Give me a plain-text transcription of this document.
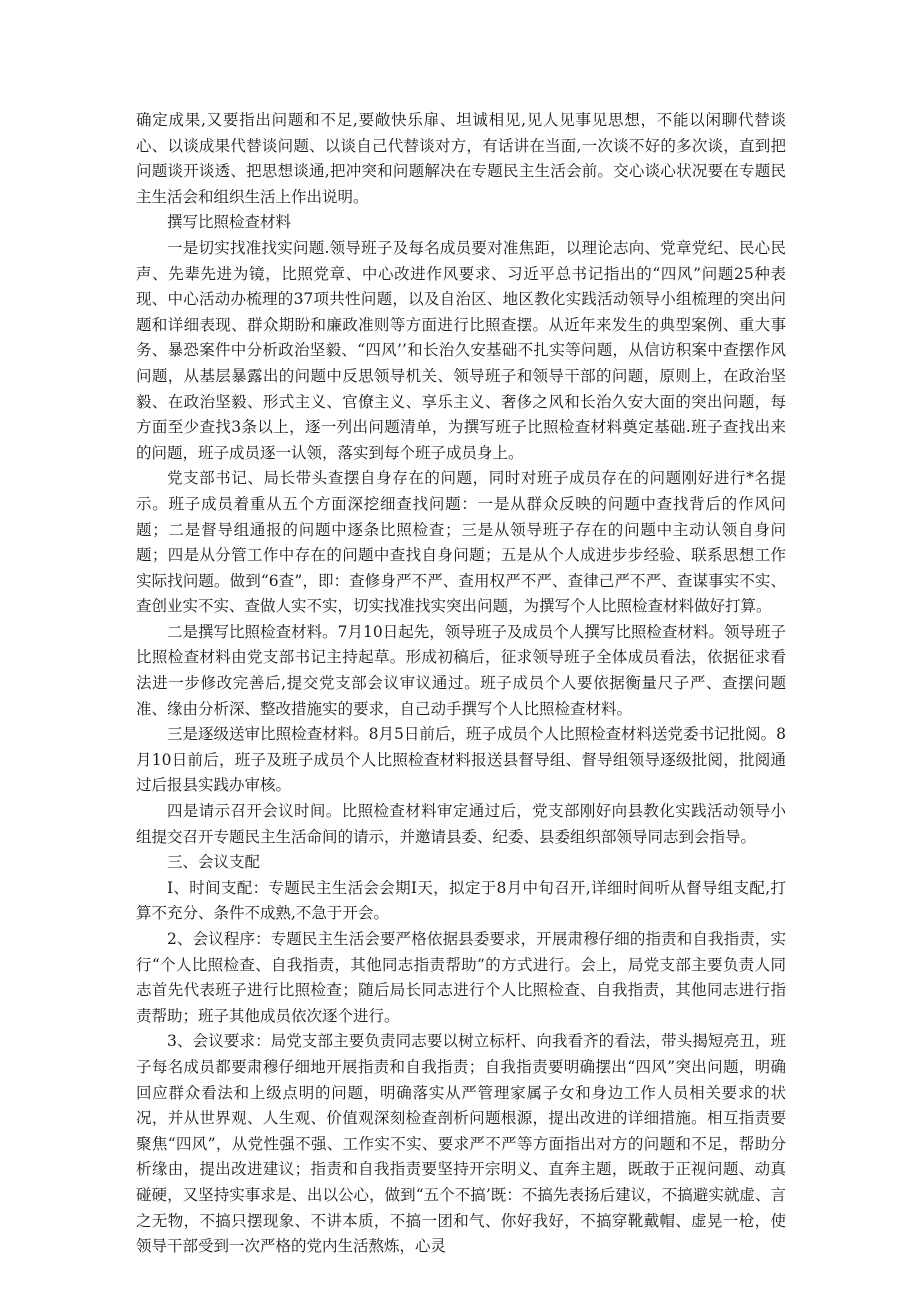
确定成果,又要指出问题和不足,要敞快乐扉、坦诚相见,见人见事见思想，不能以闲聊代替谈心、以谈成果代替谈问题、以谈自己代替谈对方，有话讲在当面,一次谈不好的多次谈，直到把问题谈开谈透、把思想谈通,把冲突和问题解决在专题民主生活会前。交心谈心状况要在专题民主生活会和组织生活上作出说明。

撰写比照检查材料

一是切实找准找实问题.领导班子及每名成员要对准焦距，以理论志向、党章党纪、民心民声、先辈先进为镜，比照党章、中心改进作风要求、习近平总书记指出的“四风”问题25种表现、中心活动办梳理的37项共性问题，以及自治区、地区教化实践活动领导小组梳理的突出问题和详细表现、群众期盼和廉政准则等方面进行比照查摆。从近年来发生的典型案例、重大事务、暴恐案件中分析政治坚毅、“四风’’和长治久安基础不扎实等问题，从信访积案中查摆作风问题，从基层暴露出的问题中反思领导机关、领导班子和领导干部的问题，原则上，在政治坚毅、在政治坚毅、形式主义、官僚主义、享乐主义、奢侈之风和长治久安大面的突出问题，每方面至少查找3条以上，逐一列出问题清单，为撰写班子比照检查材料奠定基础.班子查找出来的问题，班子成员逐一认领，落实到每个班子成员身上。

党支部书记、局长带头查摆自身存在的问题，同时对班子成员存在的问题刚好进行*名提示。班子成员着重从五个方面深挖细查找问题：一是从群众反映的问题中查找背后的作风问题；二是督导组通报的问题中逐条比照检查；三是从领导班子存在的问题中主动认领自身问题；四是从分管工作中存在的问题中查找自身问题；五是从个人成进步步经验、联系思想工作实际找问题。做到“6查”，即：查修身严不严、查用权严不严、查律己严不严、查谋事实不实、查创业实不实、查做人实不实，切实找准找实突出问题，为撰写个人比照检查材料做好打算。

二是撰写比照检查材料。7月10日起先，领导班子及成员个人撰写比照检查材料。领导班子比照检查材料由党支部书记主持起草。形成初稿后，征求领导班子全体成员看法，依据征求看法进一步修改完善后,提交党支部会议审议通过。班子成员个人要依据衡量尺子严、查摆问题准、缘由分析深、整改措施实的要求，自己动手撰写个人比照检查材料。

三是逐级送审比照检查材料。8月5日前后，班子成员个人比照检查材料送党委书记批阅。8月10日前后，班子及班子成员个人比照检查材料报送县督导组、督导组领导逐级批阅，批阅通过后报县实践办审核。

四是请示召开会议时间。比照检查材料审定通过后，党支部刚好向县教化实践活动领导小组提交召开专题民主生活命间的请示，并邀请县委、纪委、县委组织部领导同志到会指导。

三、会议支配

I、时间支配：专题民主生活会会期I天，拟定于8月中旬召开,详细时间听从督导组支配,打算不充分、条件不成熟,不急于开会。

2、会议程序：专题民主生活会要严格依据县委要求，开展肃穆仔细的指责和自我指责，实行“个人比照检查、自我指责，其他同志指责帮助”的方式进行。会上，局党支部主要负责人同志首先代表班子进行比照检查；随后局长同志进行个人比照检查、自我指责，其他同志进行指责帮助；班子其他成员依次逐个进行。

3、会议要求：局党支部主要负责同志要以树立标杆、向我看齐的看法，带头揭短亮丑，班子每名成员都要肃穆仔细地开展指责和自我指责；自我指责要明确摆出“四风”突出问题，明确回应群众看法和上级点明的问题，明确落实从严管理家属子女和身边工作人员相关要求的状况，并从世界观、人生观、价值观深刻检查剖析问题根源，提出改进的详细措施。相互指责要聚焦“四风”，从党性强不强、工作实不实、要求严不严等方面指出对方的问题和不足，帮助分析缘由，提出改进建议；指责和自我指责要坚持开宗明义、直奔主题，既敢于正视问题、动真碰硬，又坚持实事求是、出以公心，做到“五个不搞’既：不搞先表扬后建议，不搞避实就虚、言之无物，不搞只摆现象、不讲本质，不搞一团和气、你好我好，不搞穿靴戴帽、虚晃一枪，使领导干部受到一次严格的党内生活熬炼，心灵
